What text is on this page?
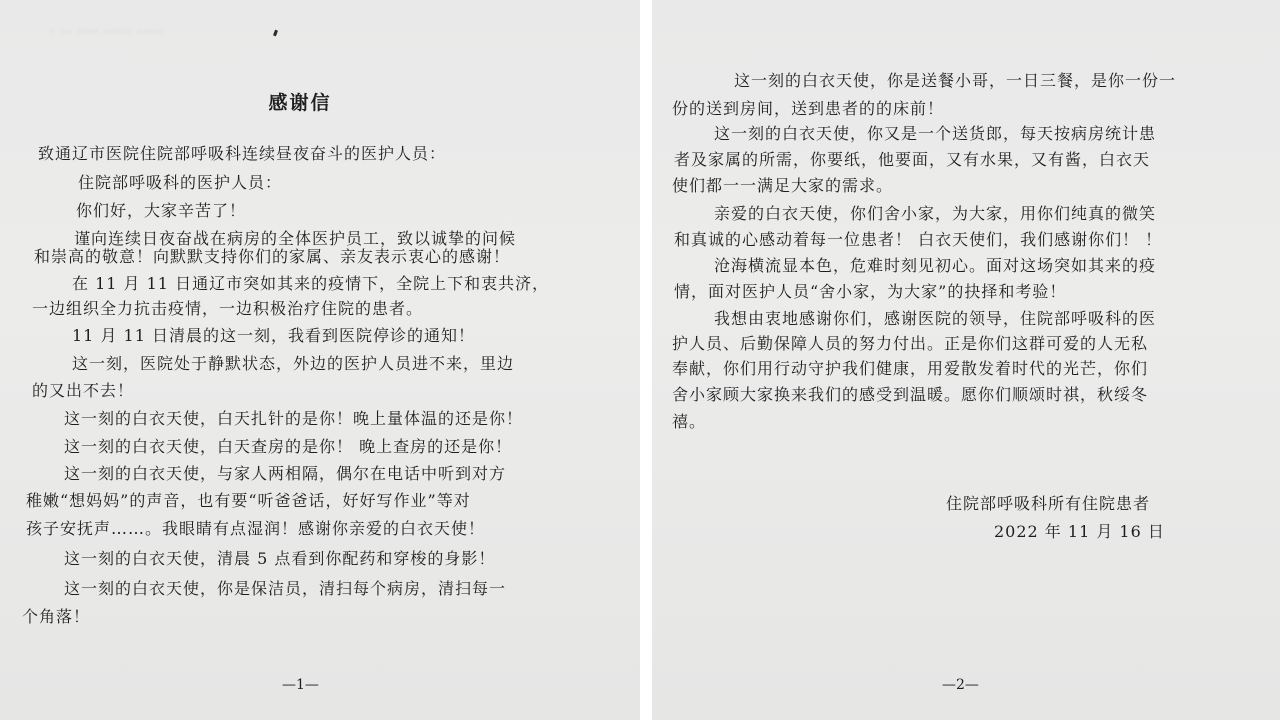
· ·· ···· ····· ·····
感谢信
致通辽市医院住院部呼吸科连续昼夜奋斗的医护人员：
住院部呼吸科的医护人员：
你们好，大家辛苦了！
谨向连续日夜奋战在病房的全体医护员工，致以诚挚的问候
和崇高的敬意！向默默支持你们的家属、亲友表示衷心的感谢！
在 11 月 11 日通辽市突如其来的疫情下，全院上下和衷共济，
一边组织全力抗击疫情，一边积极治疗住院的患者。
11 月 11 日清晨的这一刻，我看到医院停诊的通知！
这一刻，医院处于静默状态，外边的医护人员进不来，里边
的又出不去！
这一刻的白衣天使，白天扎针的是你！晚上量体温的还是你！
这一刻的白衣天使，白天查房的是你！ 晚上查房的还是你！
这一刻的白衣天使，与家人两相隔，偶尔在电话中听到对方
稚嫩“想妈妈”的声音，也有要“听爸爸话，好好写作业”等对
孩子安抚声……。我眼睛有点湿润！感谢你亲爱的白衣天使！
这一刻的白衣天使，清晨 5 点看到你配药和穿梭的身影！
这一刻的白衣天使，你是保洁员，清扫每个病房，清扫每一
个角落！
—1—
这一刻的白衣天使，你是送餐小哥，一日三餐，是你一份一
份的送到房间，送到患者的的床前！
这一刻的白衣天使，你又是一个送货郎，每天按病房统计患
者及家属的所需，你要纸，他要面，又有水果，又有酱，白衣天
使们都一一满足大家的需求。
亲爱的白衣天使，你们舍小家，为大家，用你们纯真的微笑
和真诚的心感动着每一位患者！ 白衣天使们，我们感谢你们！ ！
沧海横流显本色，危难时刻见初心。面对这场突如其来的疫
情，面对医护人员“舍小家，为大家”的抉择和考验！
我想由衷地感谢你们，感谢医院的领导，住院部呼吸科的医
护人员、后勤保障人员的努力付出。正是你们这群可爱的人无私
奉献，你们用行动守护我们健康，用爱散发着时代的光芒，你们
舍小家顾大家换来我们的感受到温暖。愿你们顺颂时祺，秋绥冬
禧。
住院部呼吸科所有住院患者
2022 年 11 月 16 日
—2—
